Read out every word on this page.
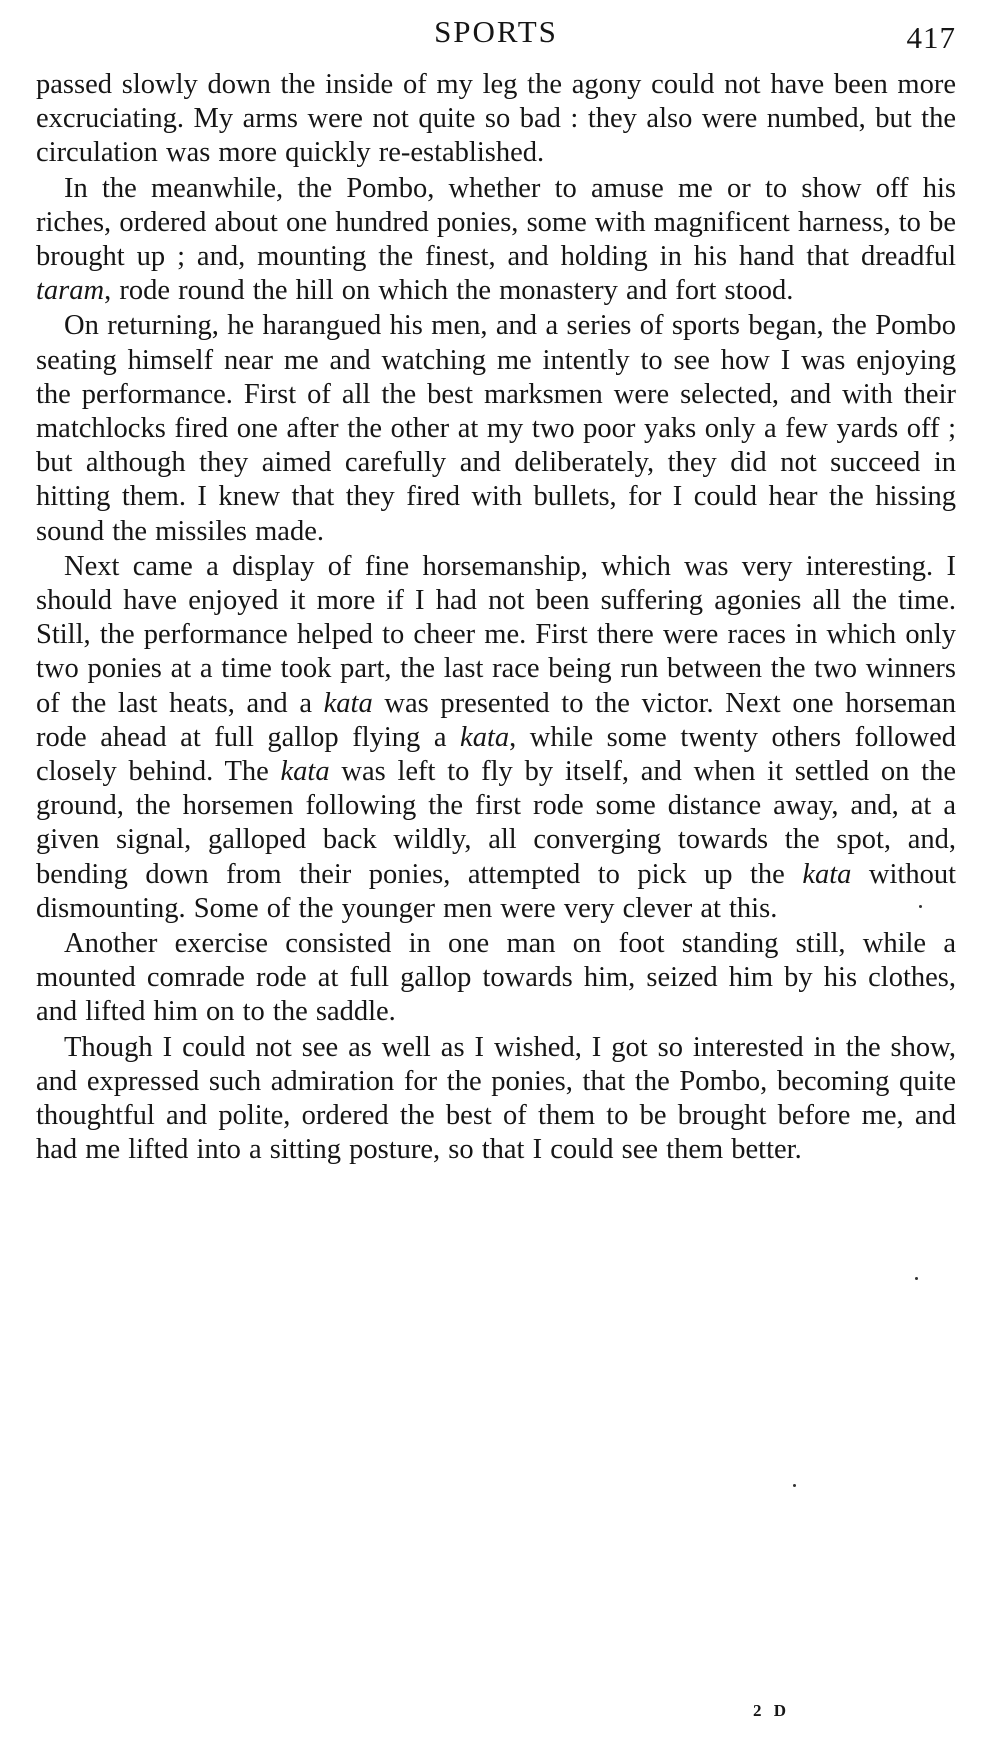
SPORTS	417

passed slowly down the inside of my leg the agony could not have been more excruciating. My arms were not quite so bad : they also were numbed, but the circulation was more quickly re-established.

In the meanwhile, the Pombo, whether to amuse me or to show off his riches, ordered about one hundred ponies, some with magnificent harness, to be brought up ; and, mounting the finest, and holding in his hand that dreadful taram, rode round the hill on which the monastery and fort stood.

On returning, he harangued his men, and a series of sports began, the Pombo seating himself near me and watching me intently to see how I was enjoying the performance. First of all the best marksmen were selected, and with their matchlocks fired one after the other at my two poor yaks only a few yards off ; but although they aimed carefully and deliberately, they did not succeed in hitting them. I knew that they fired with bullets, for I could hear the hissing sound the missiles made.

Next came a display of fine horsemanship, which was very interesting. I should have enjoyed it more if I had not been suffering agonies all the time. Still, the performance helped to cheer me. First there were races in which only two ponies at a time took part, the last race being run between the two winners of the last heats, and a kata was presented to the victor. Next one horseman rode ahead at full gallop flying a kata, while some twenty others followed closely behind. The kata was left to fly by itself, and when it settled on the ground, the horsemen following the first rode some distance away, and, at a given signal, galloped back wildly, all converging towards the spot, and, bending down from their ponies, attempted to pick up the kata without dismounting. Some of the younger men were very clever at this.

Another exercise consisted in one man on foot standing still, while a mounted comrade rode at full gallop towards him, seized him by his clothes, and lifted him on to the saddle.

Though I could not see as well as I wished, I got so interested in the show, and expressed such admiration for the ponies, that the Pombo, becoming quite thoughtful and polite, ordered the best of them to be brought before me, and had me lifted into a sitting posture, so that I could see them better.

2 D
